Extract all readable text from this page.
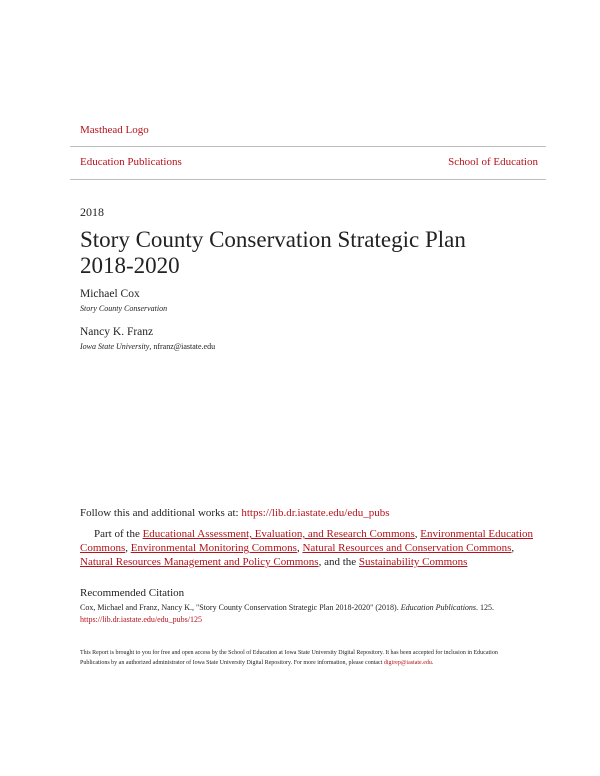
Masthead Logo
Education Publications	School of Education
2018
Story County Conservation Strategic Plan 2018-2020
Michael Cox
Story County Conservation
Nancy K. Franz
Iowa State University, nfranz@iastate.edu
Follow this and additional works at: https://lib.dr.iastate.edu/edu_pubs
Part of the Educational Assessment, Evaluation, and Research Commons, Environmental Education Commons, Environmental Monitoring Commons, Natural Resources and Conservation Commons, Natural Resources Management and Policy Commons, and the Sustainability Commons
Recommended Citation
Cox, Michael and Franz, Nancy K., "Story County Conservation Strategic Plan 2018-2020" (2018). Education Publications. 125.
https://lib.dr.iastate.edu/edu_pubs/125
This Report is brought to you for free and open access by the School of Education at Iowa State University Digital Repository. It has been accepted for inclusion in Education Publications by an authorized administrator of Iowa State University Digital Repository. For more information, please contact digirep@iastate.edu.
